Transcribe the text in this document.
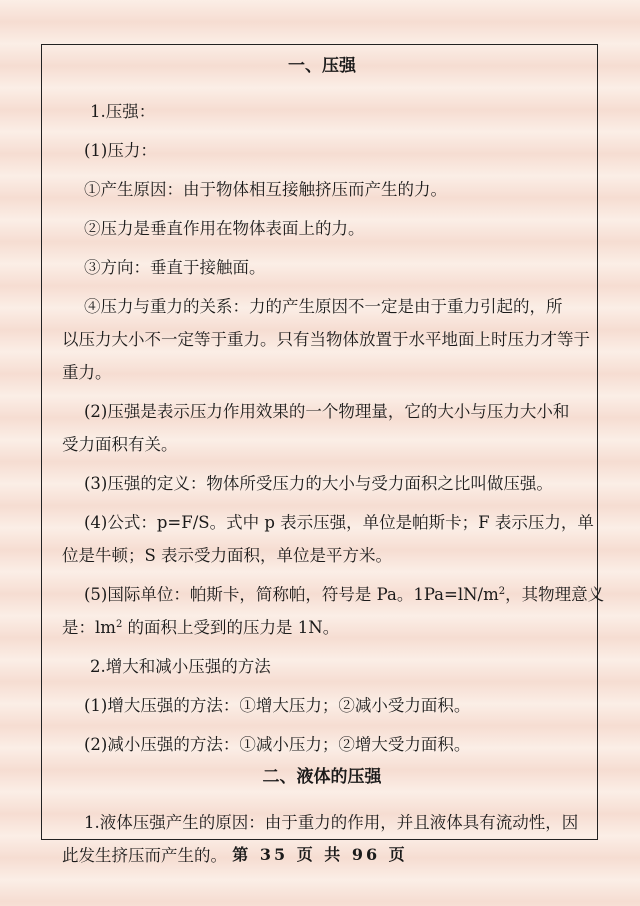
一、压强
1.压强：
(1)压力：
①产生原因：由于物体相互接触挤压而产生的力。
②压力是垂直作用在物体表面上的力。
③方向：垂直于接触面。
④压力与重力的关系：力的产生原因不一定是由于重力引起的，所
以压力大小不一定等于重力。只有当物体放置于水平地面上时压力才等于
重力。
(2)压强是表示压力作用效果的一个物理量，它的大小与压力大小和
受力面积有关。
(3)压强的定义：物体所受压力的大小与受力面积之比叫做压强。
(4)公式：p=F/S。式中 p 表示压强，单位是帕斯卡；F 表示压力，单
位是牛顿；S 表示受力面积，单位是平方米。
(5)国际单位：帕斯卡，简称帕，符号是 Pa。$1Pa=lN/m^2$，其物理意义
是：$lm^2$ 的面积上受到的压力是 1N。
2.增大和减小压强的方法
(1)增大压强的方法：①增大压力；②减小受力面积。
(2)减小压强的方法：①减小压力；②增大受力面积。
二、液体的压强
1.液体压强产生的原因：由于重力的作用，并且液体具有流动性，因
此发生挤压而产生的。 第 35 页 共 96 页
